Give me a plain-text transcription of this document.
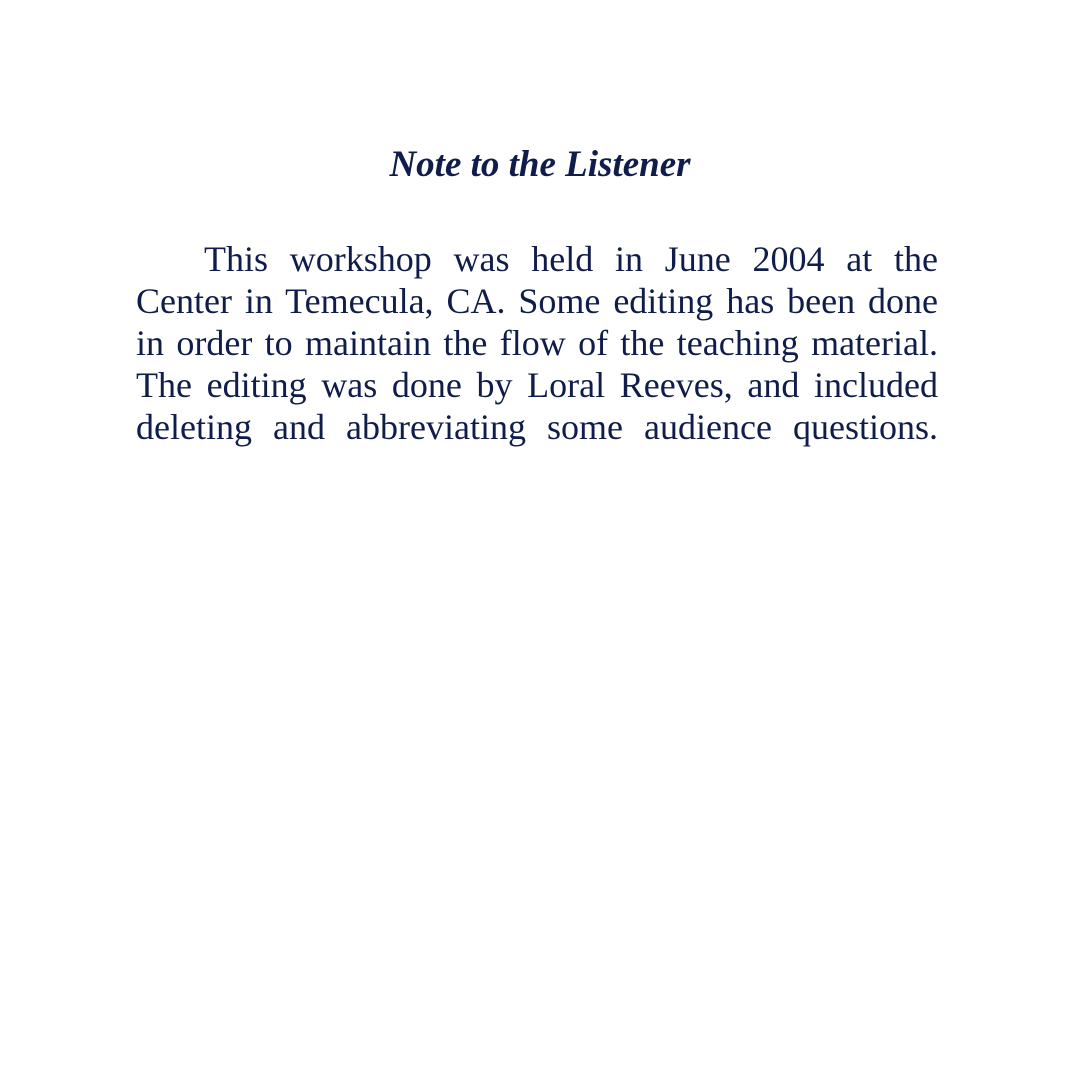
Note to the Listener
This workshop was held in June 2004 at the
Center in Temecula, CA. Some editing has been done
in order to maintain the flow of the teaching material.
The editing was done by Loral Reeves, and included
deleting and abbreviating some audience questions.
